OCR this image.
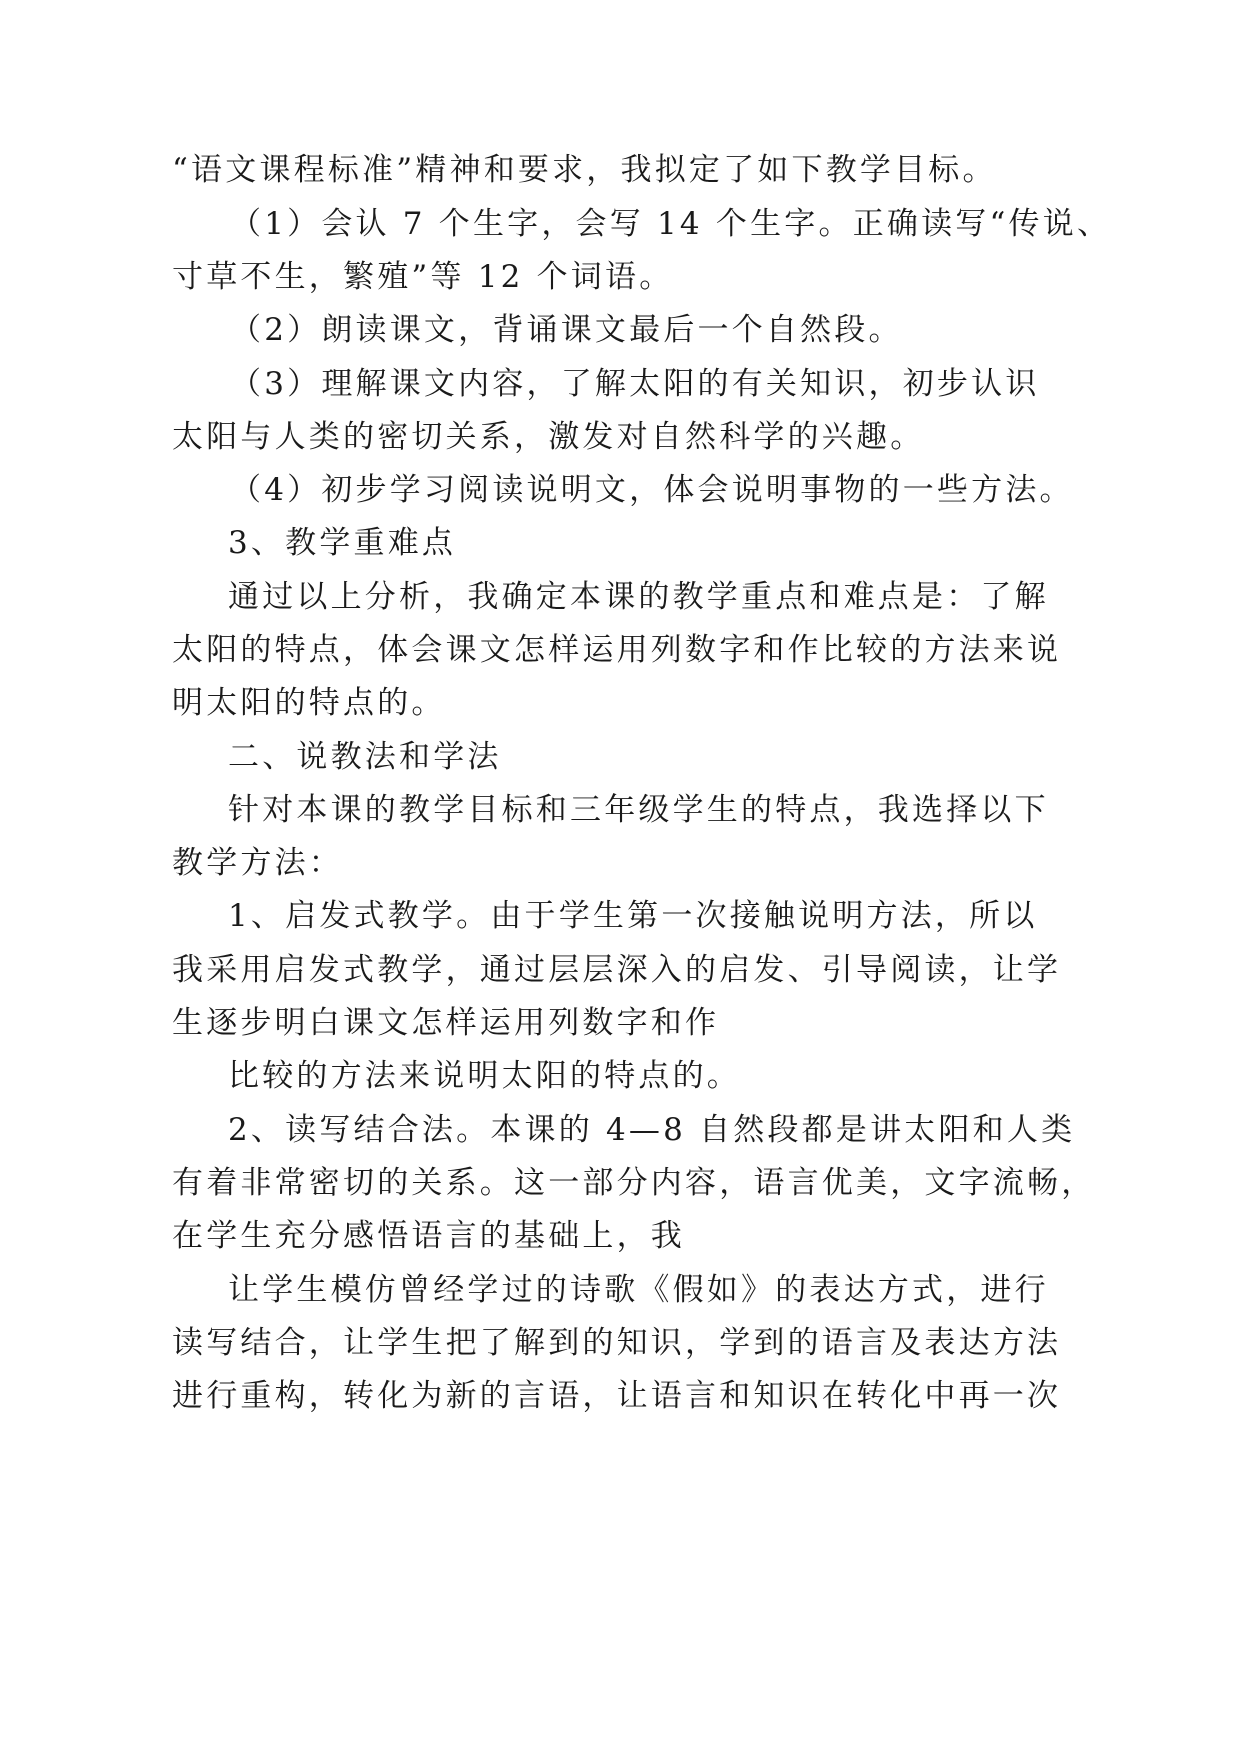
“语文课程标准”精神和要求，我拟定了如下教学目标。
（1）会认 7 个生字，会写 14 个生字。正确读写“传说、
寸草不生，繁殖”等 12 个词语。
（2）朗读课文，背诵课文最后一个自然段。
（3）理解课文内容，了解太阳的有关知识，初步认识
太阳与人类的密切关系，激发对自然科学的兴趣。
（4）初步学习阅读说明文，体会说明事物的一些方法。
3、教学重难点
通过以上分析，我确定本课的教学重点和难点是：了解
太阳的特点，体会课文怎样运用列数字和作比较的方法来说
明太阳的特点的。
二、说教法和学法
针对本课的教学目标和三年级学生的特点，我选择以下
教学方法：
1、启发式教学。由于学生第一次接触说明方法，所以
我采用启发式教学，通过层层深入的启发、引导阅读，让学
生逐步明白课文怎样运用列数字和作
比较的方法来说明太阳的特点的。
2、读写结合法。本课的 4—8 自然段都是讲太阳和人类
有着非常密切的关系。这一部分内容，语言优美，文字流畅，
在学生充分感悟语言的基础上，我
让学生模仿曾经学过的诗歌《假如》的表达方式，进行
读写结合，让学生把了解到的知识，学到的语言及表达方法
进行重构，转化为新的言语，让语言和知识在转化中再一次
